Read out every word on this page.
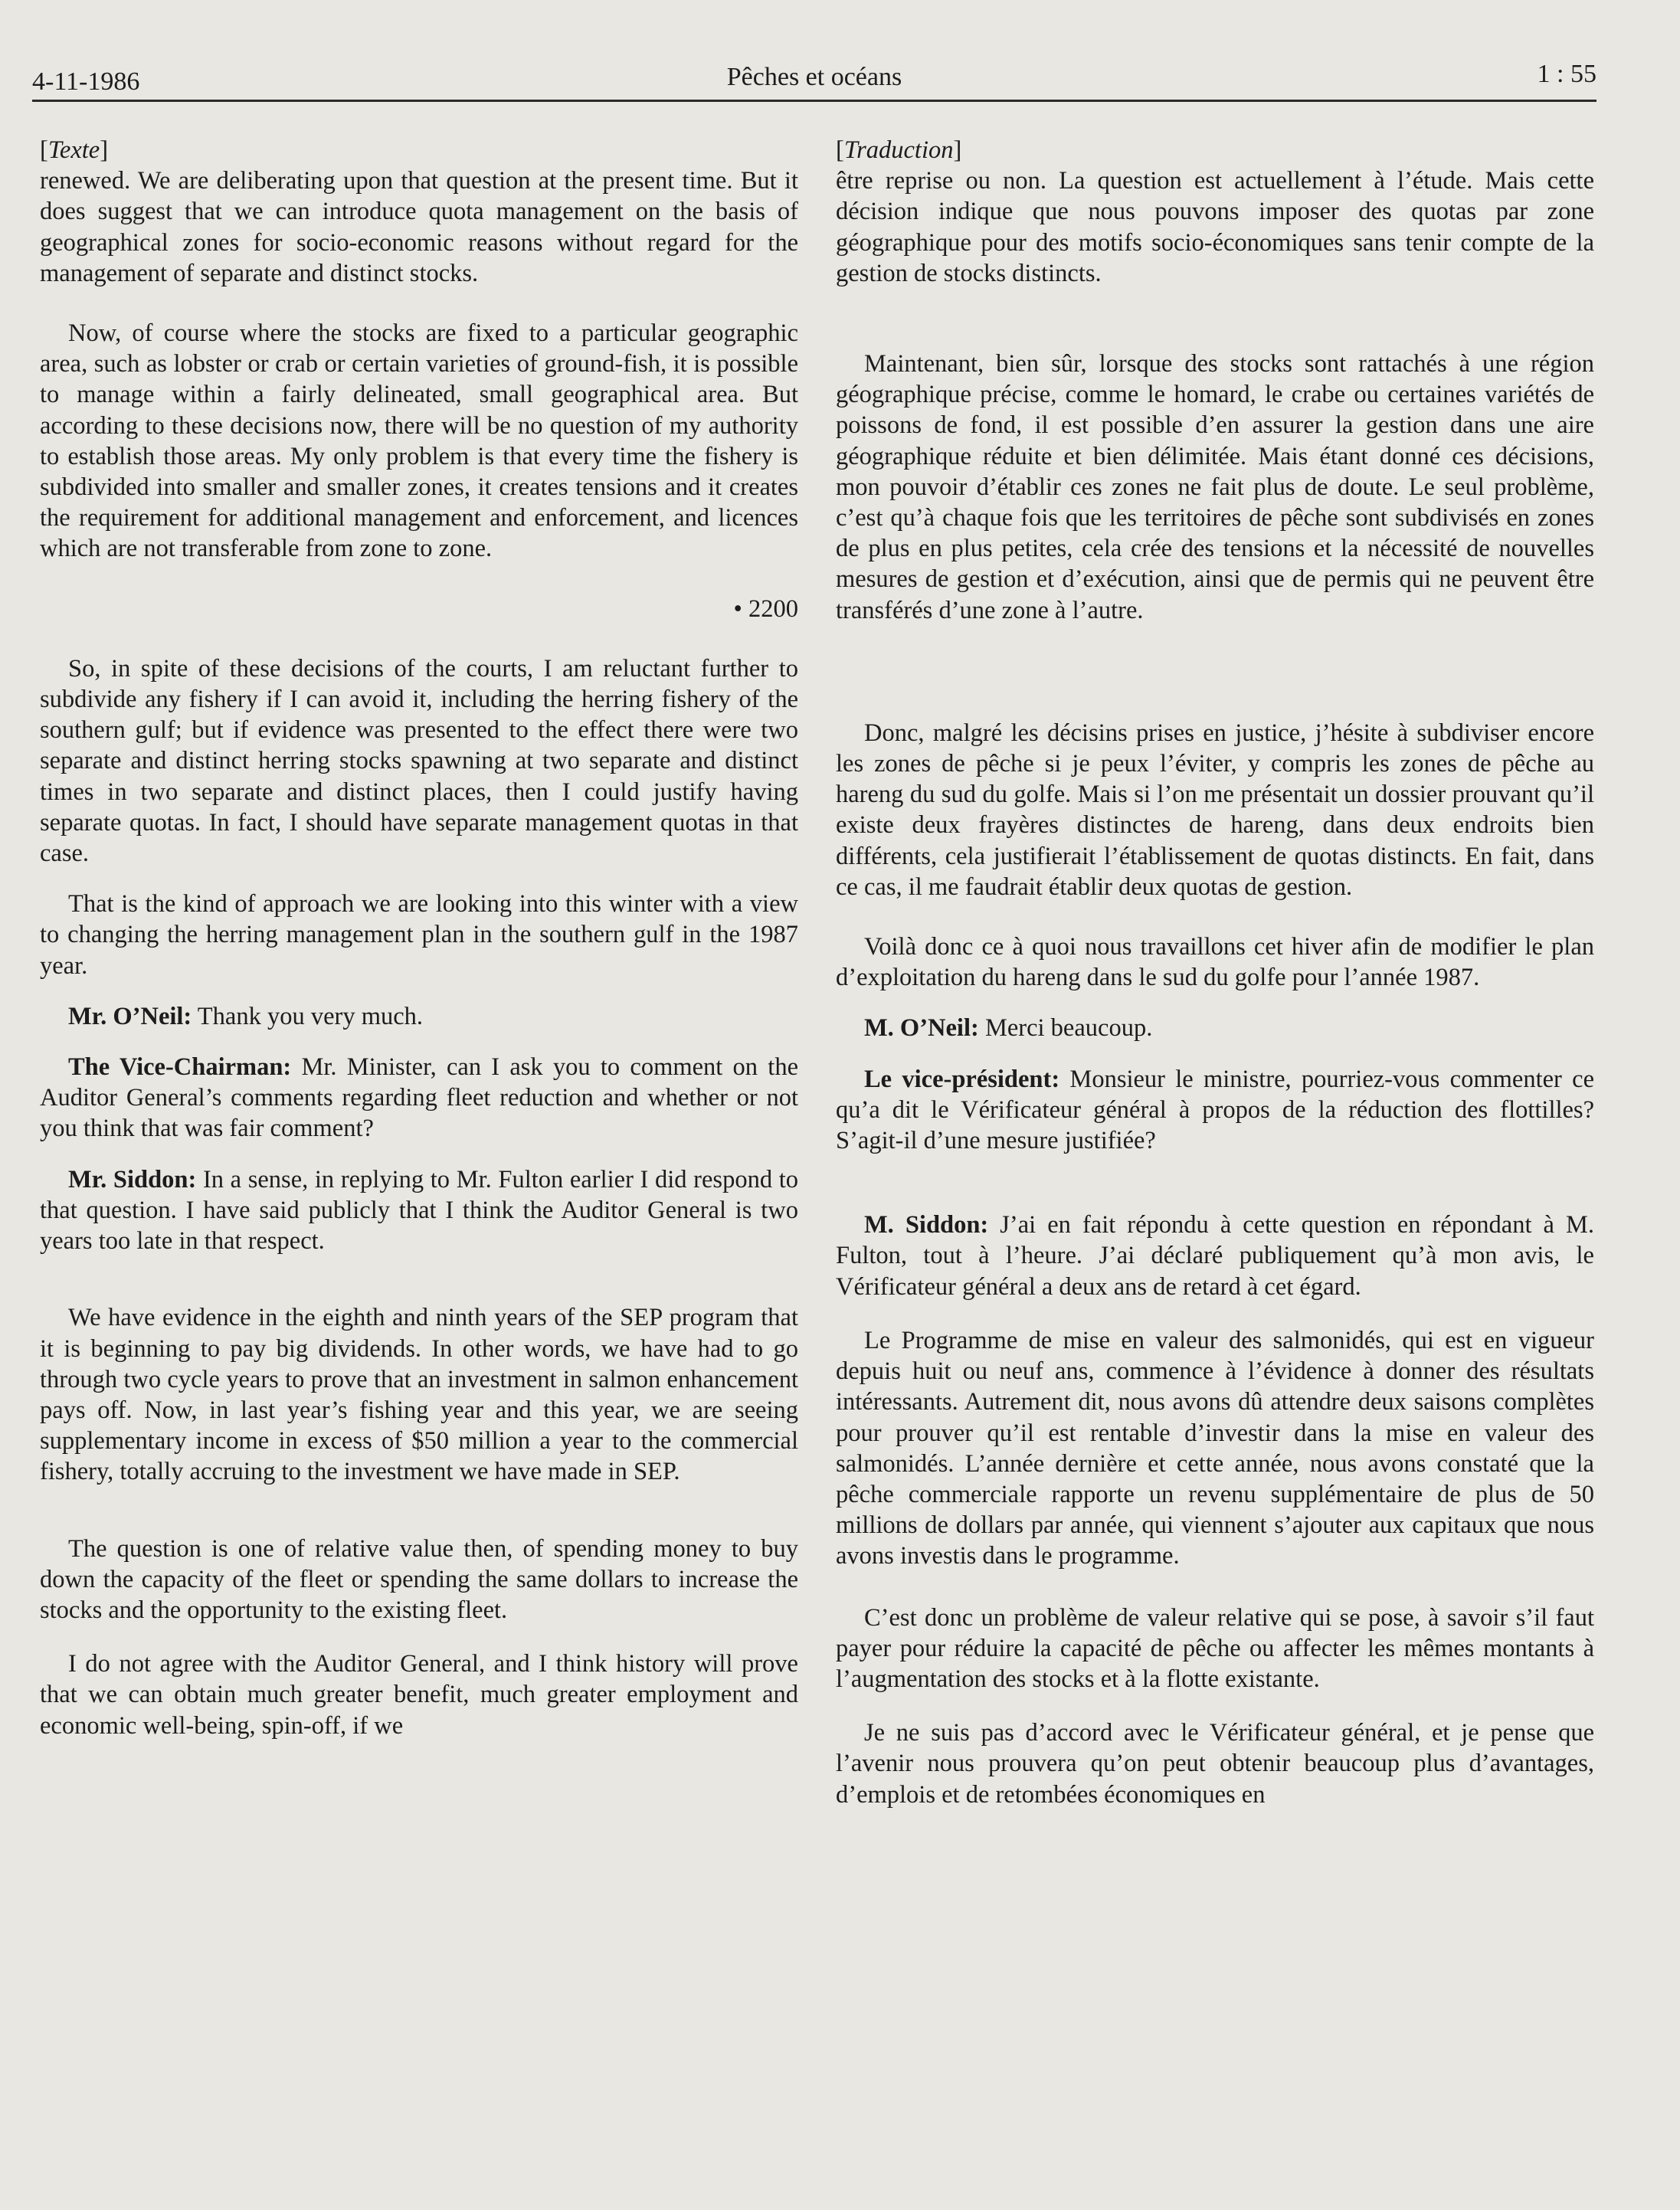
4-11-1986	Pêches et océans	1 : 55
[Texte]

renewed. We are deliberating upon that question at the present time. But it does suggest that we can introduce quota management on the basis of geographical zones for socio-economic reasons without regard for the management of separate and distinct stocks.

Now, of course where the stocks are fixed to a particular geographic area, such as lobster or crab or certain varieties of ground-fish, it is possible to manage within a fairly delineated, small geographical area. But according to these decisions now, there will be no question of my authority to establish those areas. My only problem is that every time the fishery is subdivided into smaller and smaller zones, it creates tensions and it creates the requirement for additional management and enforcement, and licences which are not transferable from zone to zone.

• 2200

So, in spite of these decisions of the courts, I am reluctant further to subdivide any fishery if I can avoid it, including the herring fishery of the southern gulf; but if evidence was presented to the effect there were two separate and distinct herring stocks spawning at two separate and distinct times in two separate and distinct places, then I could justify having separate quotas. In fact, I should have separate management quotas in that case.

That is the kind of approach we are looking into this winter with a view to changing the herring management plan in the southern gulf in the 1987 year.

Mr. O’Neil: Thank you very much.

The Vice-Chairman: Mr. Minister, can I ask you to comment on the Auditor General’s comments regarding fleet reduction and whether or not you think that was fair comment?

Mr. Siddon: In a sense, in replying to Mr. Fulton earlier I did respond to that question. I have said publicly that I think the Auditor General is two years too late in that respect.

We have evidence in the eighth and ninth years of the SEP program that it is beginning to pay big dividends. In other words, we have had to go through two cycle years to prove that an investment in salmon enhancement pays off. Now, in last year’s fishing year and this year, we are seeing supplementary income in excess of $50 million a year to the commercial fishery, totally accruing to the investment we have made in SEP.

The question is one of relative value then, of spending money to buy down the capacity of the fleet or spending the same dollars to increase the stocks and the opportunity to the existing fleet.

I do not agree with the Auditor General, and I think history will prove that we can obtain much greater benefit, much greater employment and economic well-being, spin-off, if we

[Traduction]

être reprise ou non. La question est actuellement à l’étude. Mais cette décision indique que nous pouvons imposer des quotas par zone géographique pour des motifs socio-économiques sans tenir compte de la gestion de stocks distincts.

Maintenant, bien sûr, lorsque des stocks sont rattachés à une région géographique précise, comme le homard, le crabe ou certaines variétés de poissons de fond, il est possible d’en assurer la gestion dans une aire géographique réduite et bien délimitée. Mais étant donné ces décisions, mon pouvoir d’établir ces zones ne fait plus de doute. Le seul problème, c’est qu’à chaque fois que les territoires de pêche sont subdivisés en zones de plus en plus petites, cela crée des tensions et la nécessité de nouvelles mesures de gestion et d’exécution, ainsi que de permis qui ne peuvent être transférés d’une zone à l’autre.

Donc, malgré les décisins prises en justice, j’hésite à subdiviser encore les zones de pêche si je peux l’éviter, y compris les zones de pêche au hareng du sud du golfe. Mais si l’on me présentait un dossier prouvant qu’il existe deux frayères distinctes de hareng, dans deux endroits bien différents, cela justifierait l’établissement de quotas distincts. En fait, dans ce cas, il me faudrait établir deux quotas de gestion.

Voilà donc ce à quoi nous travaillons cet hiver afin de modifier le plan d’exploitation du hareng dans le sud du golfe pour l’année 1987.

M. O’Neil: Merci beaucoup.

Le vice-président: Monsieur le ministre, pourriez-vous commenter ce qu’a dit le Vérificateur général à propos de la réduction des flottilles? S’agit-il d’une mesure justifiée?

M. Siddon: J’ai en fait répondu à cette question en répondant à M. Fulton, tout à l’heure. J’ai déclaré publiquement qu’à mon avis, le Vérificateur général a deux ans de retard à cet égard.

Le Programme de mise en valeur des salmonidés, qui est en vigueur depuis huit ou neuf ans, commence à l’évidence à donner des résultats intéressants. Autrement dit, nous avons dû attendre deux saisons complètes pour prouver qu’il est rentable d’investir dans la mise en valeur des salmonidés. L’année dernière et cette année, nous avons constaté que la pêche commerciale rapporte un revenu supplémentaire de plus de 50 millions de dollars par année, qui viennent s’ajouter aux capitaux que nous avons investis dans le programme.

C’est donc un problème de valeur relative qui se pose, à savoir s’il faut payer pour réduire la capacité de pêche ou affecter les mêmes montants à l’augmentation des stocks et à la flotte existante.

Je ne suis pas d’accord avec le Vérificateur général, et je pense que l’avenir nous prouvera qu’on peut obtenir beaucoup plus d’avantages, d’emplois et de retombées économiques en
